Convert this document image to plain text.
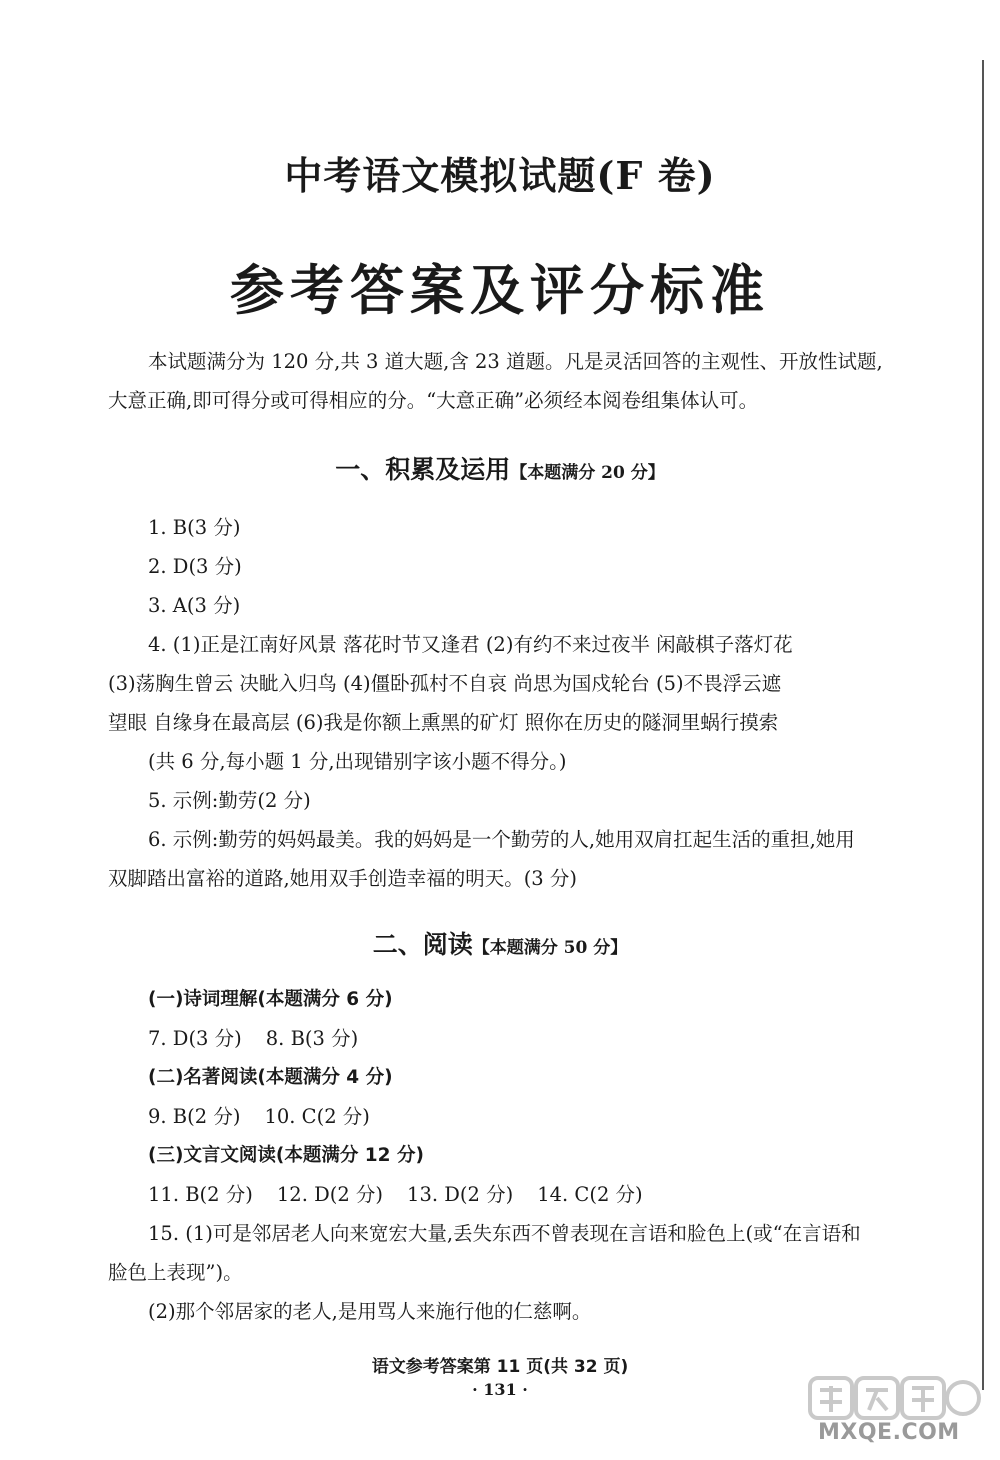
中考语文模拟试题(F 卷)
参考答案及评分标准

本试题满分为 120 分,共 3 道大题,含 23 道题。凡是灵活回答的主观性、开放性试题,

大意正确,即可得分或可得相应的分。“大意正确”必须经本阅卷组集体认可。

一、积累及运用【本题满分 20 分】

1. B(3 分)

2. D(3 分)

3. A(3 分)

4. (1)正是江南好风景 落花时节又逢君 (2)有约不来过夜半 闲敲棋子落灯花

(3)荡胸生曾云 决眦入归鸟 (4)僵卧孤村不自哀 尚思为国戍轮台 (5)不畏浮云遮

望眼 自缘身在最高层 (6)我是你额上熏黑的矿灯 照你在历史的隧洞里蜗行摸索

(共 6 分,每小题 1 分,出现错别字该小题不得分。)

5. 示例:勤劳(2 分)

6. 示例:勤劳的妈妈最美。我的妈妈是一个勤劳的人,她用双肩扛起生活的重担,她用

双脚踏出富裕的道路,她用双手创造幸福的明天。(3 分)

二、阅读【本题满分 50 分】

(一)诗词理解(本题满分 6 分)

7. D(3 分) 8. B(3 分)

(二)名著阅读(本题满分 4 分)

9. B(2 分) 10. C(2 分)

(三)文言文阅读(本题满分 12 分)

11. B(2 分) 12. D(2 分) 13. D(2 分) 14. C(2 分)

15. (1)可是邻居老人向来宽宏大量,丢失东西不曾表现在言语和脸色上(或“在言语和

脸色上表现”)。

(2)那个邻居家的老人,是用骂人来施行他的仁慈啊。

语文参考答案第 11 页(共 32 页)
· 131 ·
MXQE.COM
